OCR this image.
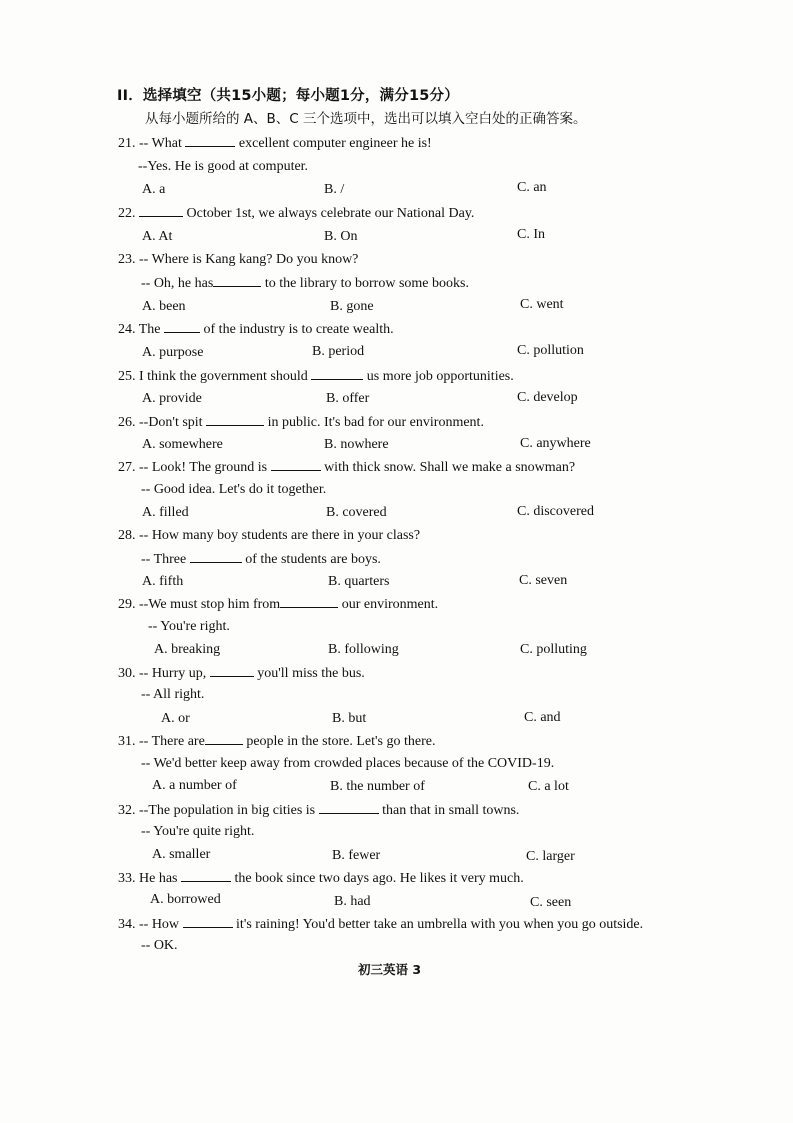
II．选择填空（共15小题；每小题1分，满分15分）
从每小题所给的 A、B、C 三个选项中，选出可以填入空白处的正确答案。
21. -- What	excellent computer engineer he is!
--Yes. He is good at computer.
A. a	B. /	C. an
22.	October 1st, we always celebrate our National Day.
A. At	B. On	C. In
23. -- Where is Kang kang? Do you know?
-- Oh, he has	to the library to borrow some books.
A. been	B. gone	C. went
24. The	of the industry is to create wealth.
A. purpose	B. period	C. pollution
25. I think the government should	us more job opportunities.
A. provide	B. offer	C. develop
26. --Don't spit	in public. It's bad for our environment.
A. somewhere	B. nowhere	C. anywhere
27. -- Look! The ground is	with thick snow. Shall we make a snowman?
-- Good idea. Let's do it together.
A. filled	B. covered	C. discovered
28. -- How many boy students are there in your class?
-- Three	of the students are boys.
A. fifth	B. quarters	C. seven
29. --We must stop him from	our environment.
-- You're right.
A. breaking	B. following	C. polluting
30. -- Hurry up,	you'll miss the bus.
-- All right.
A. or	B. but	C. and
31. -- There are	people in the store. Let's go there.
-- We'd better keep away from crowded places because of the COVID-19.
A. a number of	B. the number of	C. a lot
32. --The population in big cities is	than that in small towns.
-- You're quite right.
A. smaller	B. fewer	C. larger
33. He has	the book since two days ago. He likes it very much.
A. borrowed	B. had	C. seen
34. -- How	it's raining! You'd better take an umbrella with you when you go outside.
-- OK.
初三英语 3
